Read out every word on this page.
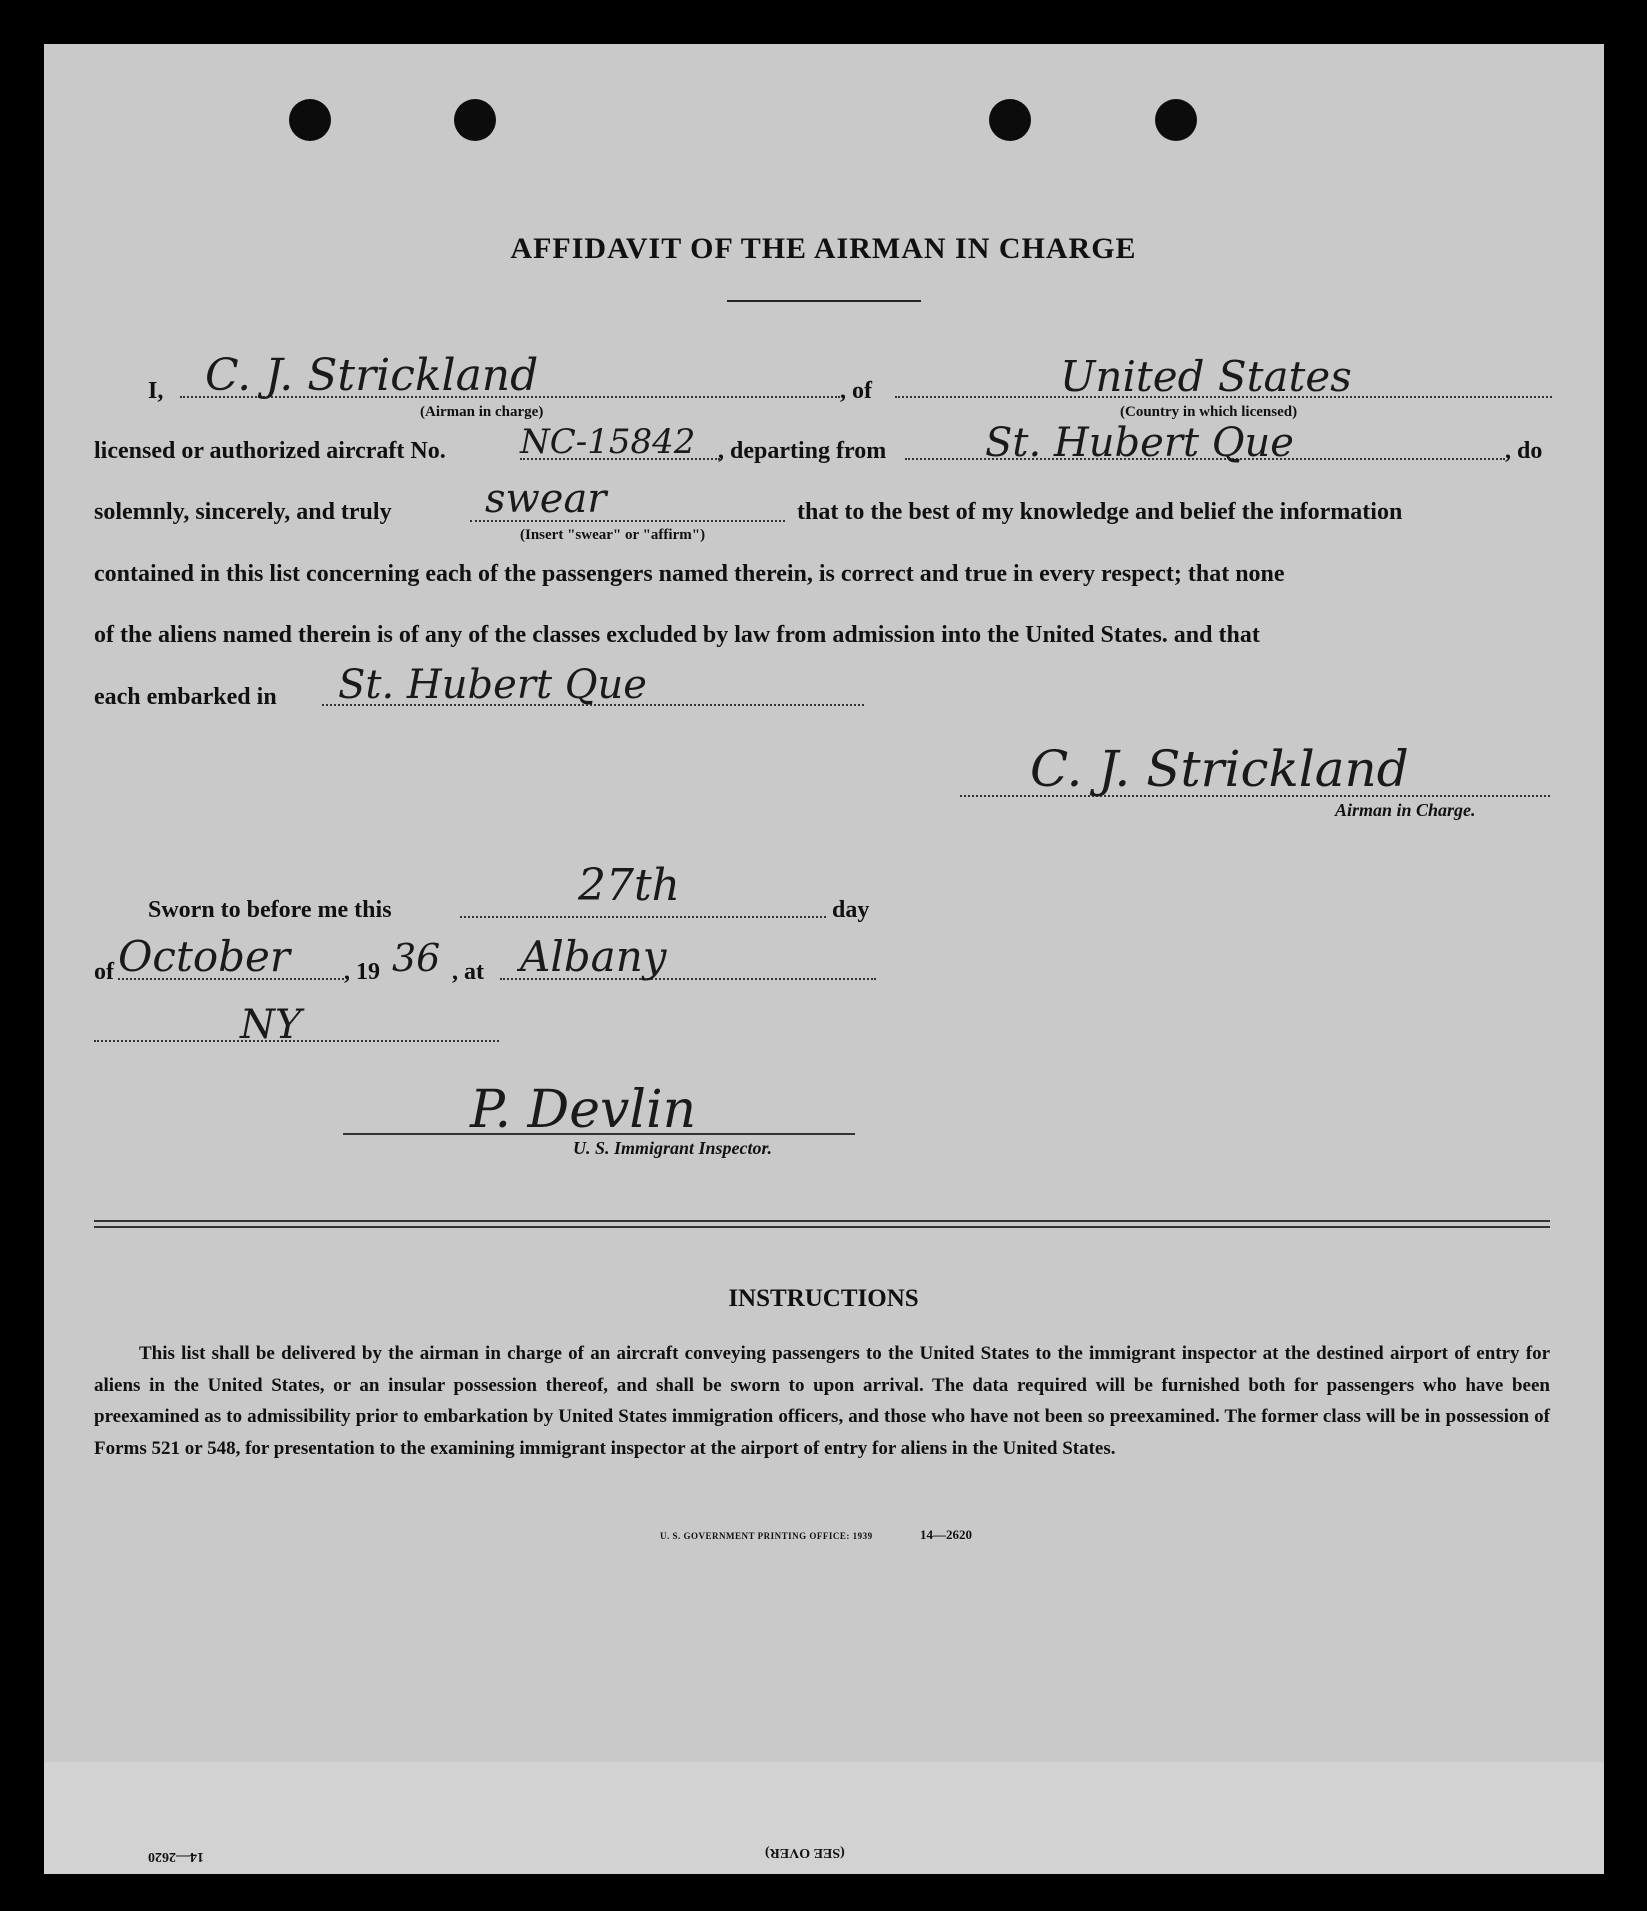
AFFIDAVIT OF THE AIRMAN IN CHARGE
I, C. J. Strickland
(Airman in charge)
, of	United States
(Country in which licensed)
licensed or authorized aircraft No. NC-15842 , departing from St. Hubert Que	, do
solemnly, sincerely, and truly swear
(Insert "swear" or "affirm")
that to the best of my knowledge and belief the information
contained in this list concerning each of the passengers named therein, is correct and true in every respect; that none
of the aliens named therein is of any of the classes excluded by law from admission into the United States. and that
each embarked in St. Hubert Que
C. J. Strickland
Airman in Charge.
Sworn to before me this	27th	day
of October , 19 36 , at Albany
NY
P. Devlin
U. S. Immigrant Inspector.
INSTRUCTIONS
This list shall be delivered by the airman in charge of an aircraft conveying passengers to the United States to the immigrant inspector at the destined airport of entry for aliens in the United States, or an insular possession thereof, and shall be sworn to upon arrival. The data required will be furnished both for passengers who have been preexamined as to admissibility prior to embarkation by United States immigration officers, and those who have not been so preexamined. The former class will be in possession of Forms 521 or 548, for presentation to the examining immigrant inspector at the airport of entry for aliens in the United States.
U. S. GOVERNMENT PRINTING OFFICE: 1939	14—2620
(SEE OVER)
14—2620
